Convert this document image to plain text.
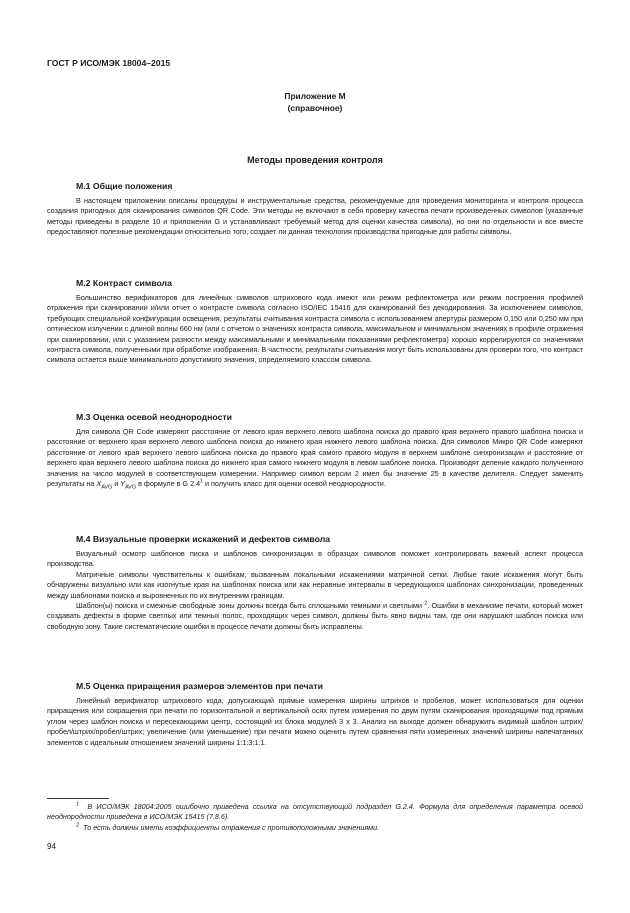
ГОСТ Р ИСО/МЭК 18004–2015
Приложение М
(справочное)
Методы проведения контроля
М.1 Общие положения

В настоящем приложении описаны процедуры и инструментальные средства, рекомендуемые для проведения мониторинга и контроля процесса создания пригодных для сканирования символов QR Code. Эти методы не включают в себя проверку качества печати произведенных символов (указанные методы приведены в разделе 10 и приложении G и устанавливают требуемый метод для оценки качества символа), но они по отдельности и все вместе предоставляют полезные рекомендации относительно того, создает ли данная технология производства пригодные для работы символы.

М.2 Контраст символа

Большинство верификаторов для линейных символов штрихового кода имеют или режим рефлектометра или режим построения профилей отражения при сканировании и/или отчет о контрасте символа согласно ISO/IEC 15416 для сканирований без декодирования. За исключением символов, требующих специальной конфигурации освещения, результаты считывания контраста символа с использованием апертуры размером 0,150 или 0,250 мм при оптическом излучении с длиной волны 660 нм (или с отчетом о значениях контраста символа, максимальном и минимальном значениях в профиле отражения при сканировании, или с указанием разности между максимальными и минимальными показаниями рефлектометра) хорошо коррелируются со значениями контраста символа, полученными при обработке изображения. В частности, результаты считывания могут быть использованы для проверки того, что контраст символа остается выше минимального допустимого значения, определяемого классом символа.

М.3 Оценка осевой неоднородности

Для символа QR Code измеряют расстояние от левого края верхнего левого шаблона поиска до правого края верхнего правого шаблона поиска и расстояние от верхнего края верхнего левого шаблона поиска до нижнего края нижнего левого шаблона поиска. Для символов Микро QR Code измеряют расстояние от левого края верхнего левого шаблона поиска до правого края самого правого модуля в верхнем шаблоне синхронизации и расстояние от верхнего края верхнего левого шаблона поиска до нижнего края самого нижнего модуля в левом шаблоне поиска. Производят деление каждого полученного значения на число модулей в соответствующем измерении. Например символ версии 2 имел бы значение 25 в качестве делителя. Следует заменить результаты на $X_{AVG}$ и $Y_{AVG}$ в формуле в G $2.4^1$ и получить класс для оценки осевой неоднородности.

М.4 Визуальные проверки искажений и дефектов символа

Визуальный осмотр шаблонов писка и шаблонов синхронизации в образцах символов поможет контролировать важный аспект процесса производства.

Матричные символы чувствительны к ошибкам, вызванным локальными искажениями матричной сетки. Любые такие искажения могут быть обнаружены визуально или как изогнутые края на шаблонах поиска или как неравные интервалы в чередующихся шаблонах синхронизации, проведенных между шаблонами поиска и выровненных по их внутренним границам.

Шаблон(ы) поиска и смежные свободные зоны должны всегда быть сплошными темными и светлыми $^2$. Ошибки в механизме печати, который может создавать дефекты в форме светлых или темных полос, проходящих через символ, должны быть явно видны там, где они нарушают шаблон поиска или свободную зону. Такие систематические ошибки в процессе печати должны быть исправлены.

М.5 Оценка приращения размеров элементов при печати

Линейный верификатор штрихового кода, допускающий прямые измерения ширины штрихов и пробелов, может использоваться для оценки приращения или сокращения при печати по горизонтальной и вертикальной осях путем измерения по двум путям сканирования проходящими под прямым углом через шаблон поиска и пересекающими центр, состоящий из блока модулей 3 х 3. Анализ на выходе должен обнаружить видимый шаблон штрих/пробел/штрих/пробел/штрих; увеличение (или уменьшение) при печати можно оценить путем сравнения пяти измеренных значений ширины напечатанных элементов с идеальным отношением значений ширины 1:1:3:1:1.

$^1$ В ИСО/МЭК 18004:2005 ошибочно приведена ссылка на отсутствующий подраздел G.2.4. Формула для определения параметра осевой неоднородности приведена в ИСО/МЭК 15415 (7.8.6).

$^2$ То есть должны иметь коэффициенты отражения с противоположными значениями.

94
